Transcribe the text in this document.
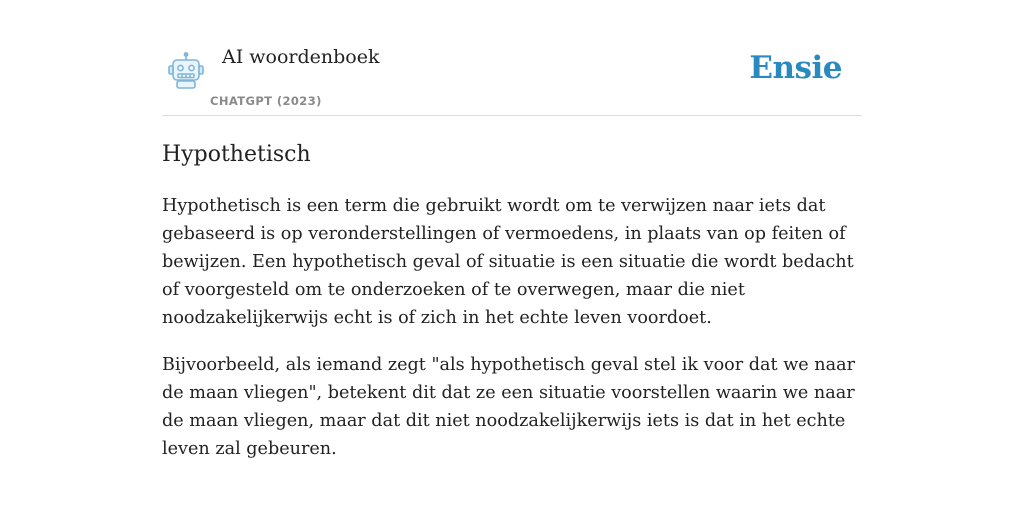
AI woordenboek
CHATGPT (2023)
Ensie
Hypothetisch

Hypothetisch is een term die gebruikt wordt om te verwijzen naar iets dat gebaseerd is op veronderstellingen of vermoedens, in plaats van op feiten of bewijzen. Een hypothetisch geval of situatie is een situatie die wordt bedacht of voorgesteld om te onderzoeken of te overwegen, maar die niet noodzakelijkerwijs echt is of zich in het echte leven voordoet.

Bijvoorbeeld, als iemand zegt "als hypothetisch geval stel ik voor dat we naar de maan vliegen", betekent dit dat ze een situatie voorstellen waarin we naar de maan vliegen, maar dat dit niet noodzakelijkerwijs iets is dat in het echte leven zal gebeuren.
